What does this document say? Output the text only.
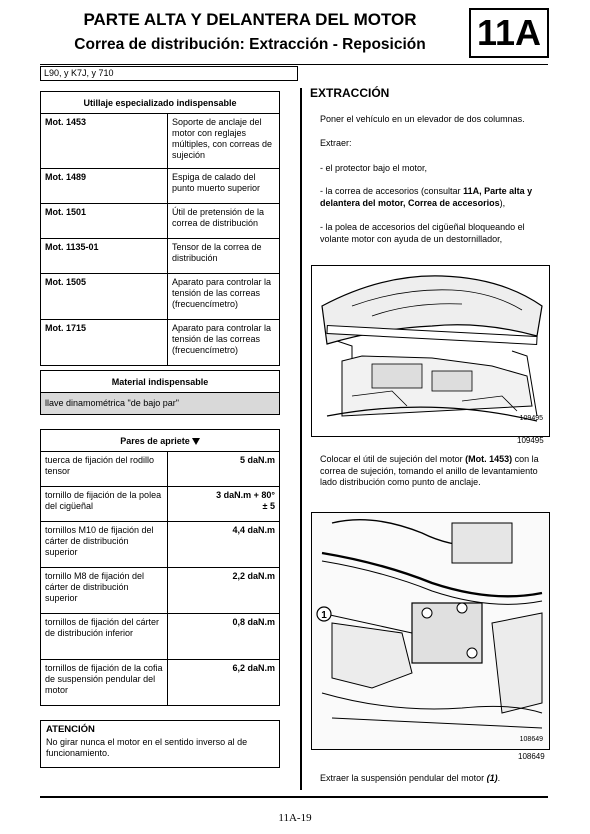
PARTE ALTA Y DELANTERA DEL MOTOR
Correa de distribución: Extracción - Reposición	11A
L90, y K7J, y 710
Utillaje especializado indispensable	
Mot. 1453	Soporte de anclaje del motor con reglajes múltiples, con correas de sujeción
Mot. 1489	Espiga de calado del punto muerto superior
Mot. 1501	Útil de pretensión de la correa de distribución
Mot. 1135-01	Tensor de la correa de distribución
Mot. 1505	Aparato para controlar la tensión de las correas (frecuencímetro)
Mot. 1715	Aparato para controlar la tensión de las correas (frecuencímetro)
Material indispensable
llave dinamométrica "de bajo par"
Pares de apriete	
tuerca de fijación del rodillo tensor	5 daN.m
tornillo de fijación de la polea del cigüeñal	3 daN.m + 80°
± 5
tornillos M10 de fijación del cárter de distribución superior	4,4 daN.m
tornillo M8 de fijación del cárter de distribución superior	2,2 daN.m
tornillos de fijación del cárter de distribución inferior	0,8 daN.m
tornillos de fijación de la cofia de suspensión pendular del motor	6,2 daN.m
ATENCIÓN
No girar nunca el motor en el sentido inverso al de funcionamiento.
EXTRACCIÓN
Poner el vehículo en un elevador de dos columnas.
Extraer:
- el protector bajo el motor,
- la correa de accesorios (consultar 11A, Parte alta y delantera del motor, Correa de accesorios),
- la polea de accesorios del cigüeñal bloqueando el volante motor con ayuda de un destornillador,
109495
109495
Colocar el útil de sujeción del motor (Mot. 1453) con la correa de sujeción, tomando el anillo de levantamiento lado distribución como punto de anclaje.
1
108649
108649
Extraer la suspensión pendular del motor (1).
11A-19
